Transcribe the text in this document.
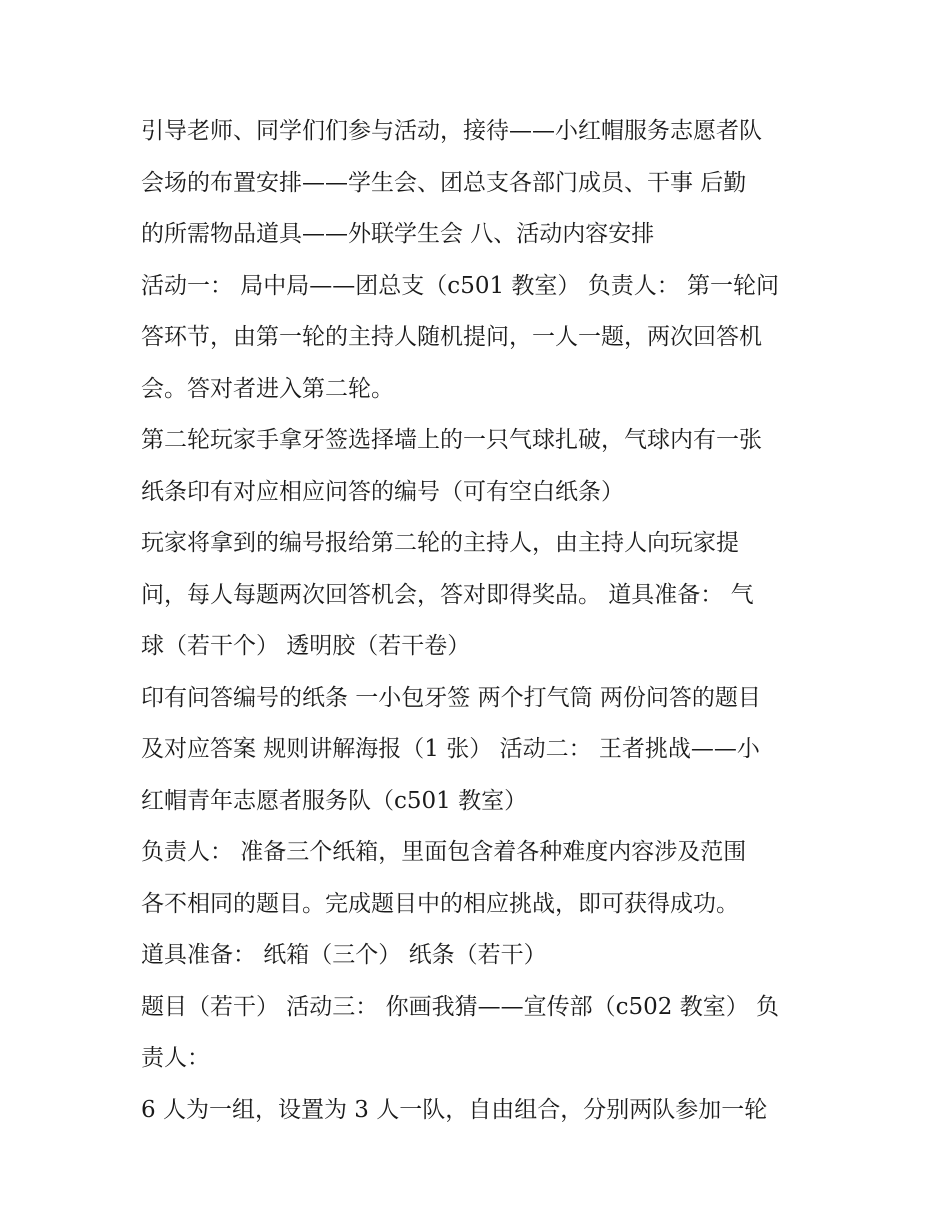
引导老师、同学们们参与活动，接待——小红帽服务志愿者队
会场的布置安排——学生会、团总支各部门成员、干事 后勤
的所需物品道具——外联学生会 八、活动内容安排
活动一： 局中局——团总支（c501 教室） 负责人： 第一轮问
答环节，由第一轮的主持人随机提问，一人一题，两次回答机
会。答对者进入第二轮。
第二轮玩家手拿牙签选择墙上的一只气球扎破，气球内有一张
纸条印有对应相应问答的编号（可有空白纸条）
玩家将拿到的编号报给第二轮的主持人，由主持人向玩家提
问，每人每题两次回答机会，答对即得奖品。 道具准备： 气
球（若干个） 透明胶（若干卷）
印有问答编号的纸条 一小包牙签 两个打气筒 两份问答的题目
及对应答案 规则讲解海报（1 张） 活动二： 王者挑战——小
红帽青年志愿者服务队（c501 教室）
负责人： 准备三个纸箱，里面包含着各种难度内容涉及范围
各不相同的题目。完成题目中的相应挑战，即可获得成功。
道具准备： 纸箱（三个） 纸条（若干）
题目（若干） 活动三： 你画我猜——宣传部（c502 教室） 负
责人：
6 人为一组，设置为 3 人一队，自由组合，分别两队参加一轮
